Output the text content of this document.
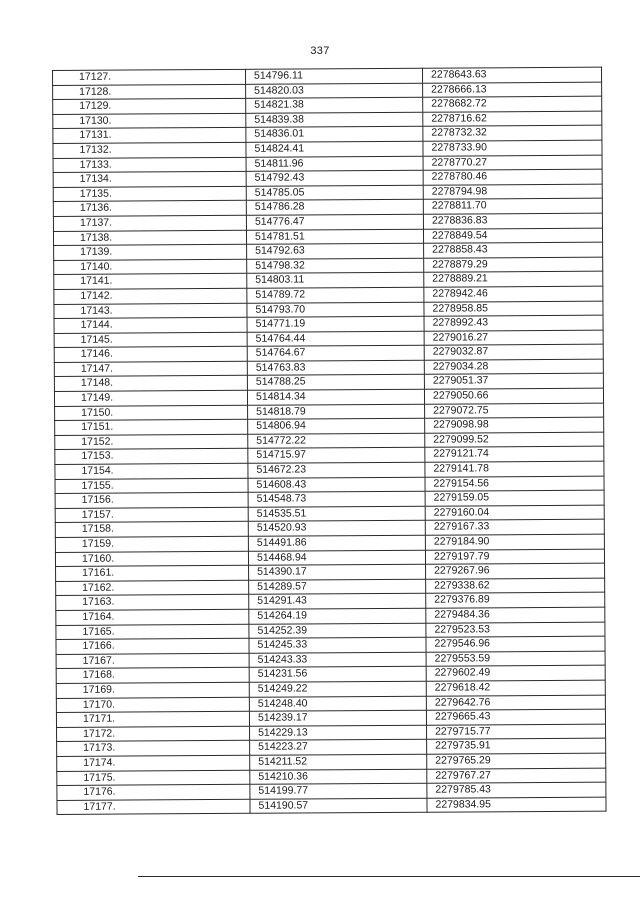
337
17127.	514796.11	2278643.63
17128.	514820.03	2278666.13
17129.	514821.38	2278682.72
17130.	514839.38	2278716.62
17131.	514836.01	2278732.32
17132.	514824.41	2278733.90
17133.	514811.96	2278770.27
17134.	514792.43	2278780.46
17135.	514785.05	2278794.98
17136.	514786.28	2278811.70
17137.	514776.47	2278836.83
17138.	514781.51	2278849.54
17139.	514792.63	2278858.43
17140.	514798.32	2278879.29
17141.	514803.11	2278889.21
17142.	514789.72	2278942.46
17143.	514793.70	2278958.85
17144.	514771.19	2278992.43
17145.	514764.44	2279016.27
17146.	514764.67	2279032.87
17147.	514763.83	2279034.28
17148.	514788.25	2279051.37
17149.	514814.34	2279050.66
17150.	514818.79	2279072.75
17151.	514806.94	2279098.98
17152.	514772.22	2279099.52
17153.	514715.97	2279121.74
17154.	514672.23	2279141.78
17155.	514608.43	2279154.56
17156.	514548.73	2279159.05
17157.	514535.51	2279160.04
17158.	514520.93	2279167.33
17159.	514491.86	2279184.90
17160.	514468.94	2279197.79
17161.	514390.17	2279267.96
17162.	514289.57	2279338.62
17163.	514291.43	2279376.89
17164.	514264.19	2279484.36
17165.	514252.39	2279523.53
17166.	514245.33	2279546.96
17167.	514243.33	2279553.59
17168.	514231.56	2279602.49
17169.	514249.22	2279618.42
17170.	514248.40	2279642.76
17171.	514239.17	2279665.43
17172.	514229.13	2279715.77
17173.	514223.27	2279735.91
17174.	514211.52	2279765.29
17175.	514210.36	2279767.27
17176.	514199.77	2279785.43
17177.	514190.57	2279834.95
